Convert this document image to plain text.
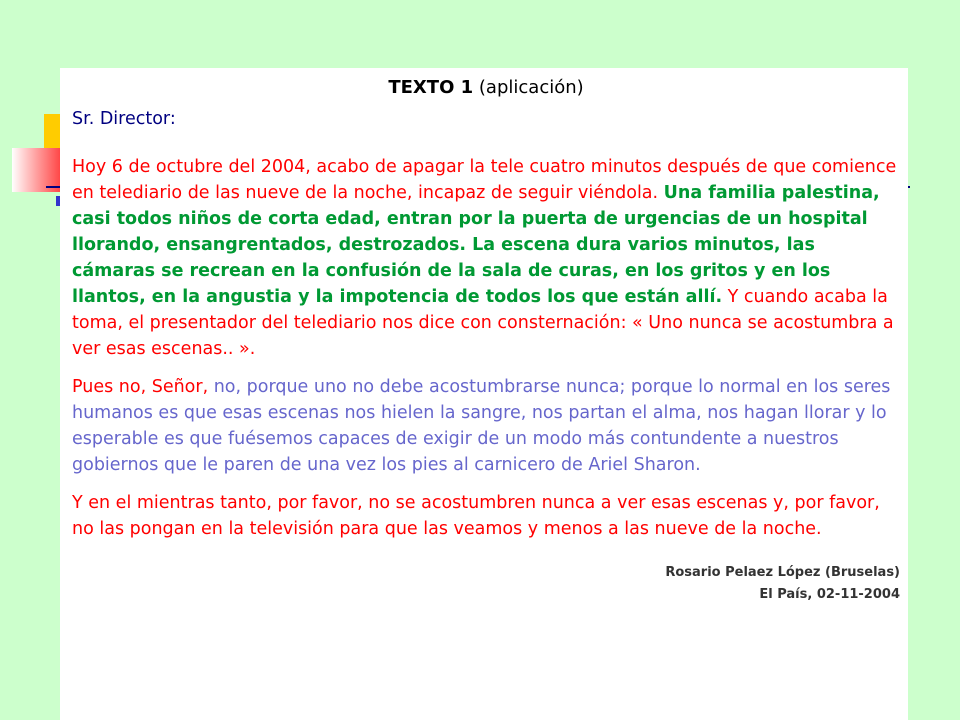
TEXTO 1 (aplicación)

Sr. Director:

Hoy 6 de octubre del 2004, acabo de apagar la tele cuatro minutos después de que comience en telediario de las nueve de la noche, incapaz de seguir viéndola. Una familia palestina, casi todos niños de corta edad, entran por la puerta de urgencias de un hospital llorando, ensangrentados, destrozados. La escena dura varios minutos, las cámaras se recrean en la confusión de la sala de curas, en los gritos y en los llantos, en la angustia y la impotencia de todos los que están allí. Y cuando acaba la toma, el presentador del telediario nos dice con consternación: « Uno nunca se acostumbra a ver esas escenas.. ».

Pues no, Señor, no, porque uno no debe acostumbrarse nunca; porque lo normal en los seres humanos es que esas escenas nos hielen la sangre, nos partan el alma, nos hagan llorar y lo esperable es que fuésemos capaces de exigir de un modo más contundente a nuestros gobiernos que le paren de una vez los pies al carnicero de Ariel Sharon.

Y en el mientras tanto, por favor, no se acostumbren nunca a ver esas escenas y, por favor, no las pongan en la televisión para que las veamos y menos a las nueve de la noche.

Rosario Pelaez López (Bruselas)
El País, 02-11-2004
